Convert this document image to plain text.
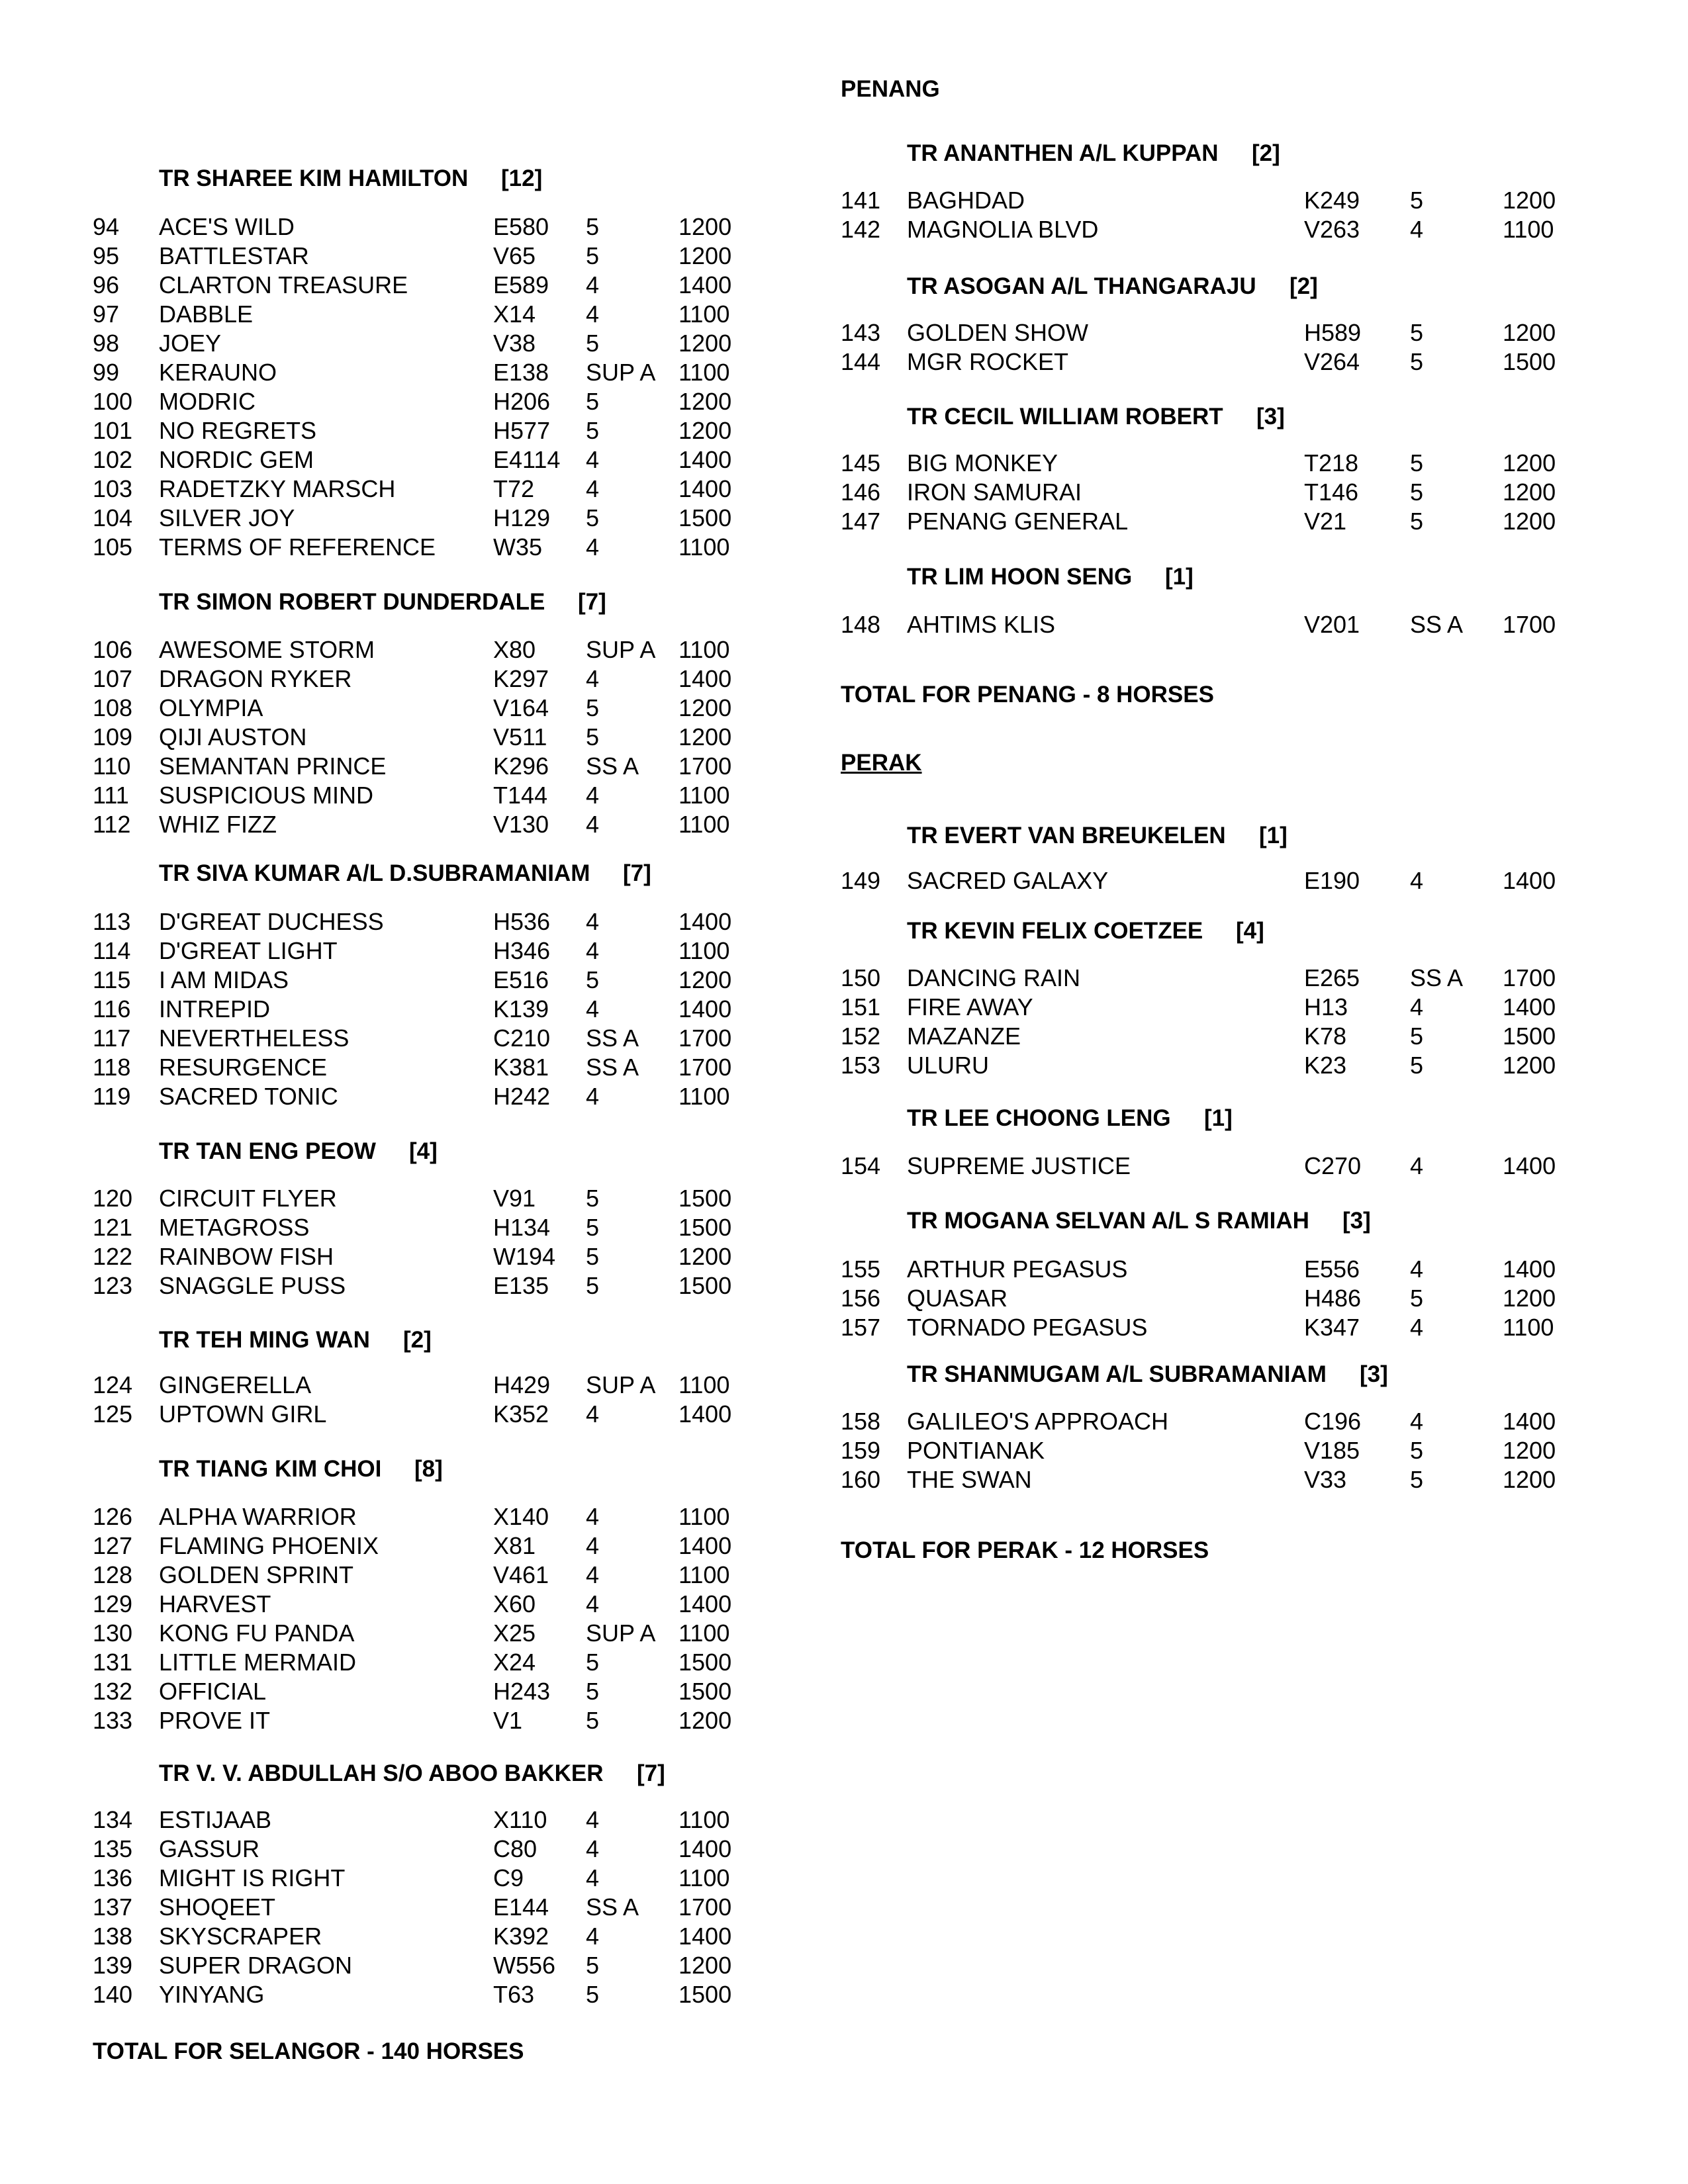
TR SHAREE KIM HAMILTON [12]
94 ACE'S WILD	E580 5	1200
95 BATTLESTAR	V65 5	1200
96 CLARTON TREASURE	E589 4	1400
97 DABBLE	X14 4	1100
98 JOEY	V38 5	1200
99 KERAUNO	E138 SUP A 1100
100 MODRIC	H206 5	1200
101 NO REGRETS	H577 5	1200
102 NORDIC GEM	E4114 4	1400
103 RADETZKY MARSCH	T72 4	1400
104 SILVER JOY	H129 5	1500
105 TERMS OF REFERENCE W35 4	1100
TR SIMON ROBERT DUNDERDALE [7]
106 AWESOME STORM	X80 SUP A 1100
107 DRAGON RYKER	K297 4	1400
108 OLYMPIA	V164 5	1200
109 QIJI AUSTON	V511 5	1200
110 SEMANTAN PRINCE	K296 SS A 1700
111 SUSPICIOUS MIND	T144 4	1100
112 WHIZ FIZZ	V130 4	1100
TR SIVA KUMAR A/L D.SUBRAMANIAM [7]
113 D'GREAT DUCHESS	H536 4	1400
114 D'GREAT LIGHT	H346 4	1100
115 I AM MIDAS	E516 5	1200
116 INTREPID	K139 4	1400
117 NEVERTHELESS	C210 SS A 1700
118 RESURGENCE	K381 SS A 1700
119 SACRED TONIC	H242 4	1100
TR TAN ENG PEOW [4]
120 CIRCUIT FLYER	V91 5	1500
121 METAGROSS	H134 5	1500
122 RAINBOW FISH	W194 5	1200
123 SNAGGLE PUSS	E135 5	1500
TR TEH MING WAN [2]
124 GINGERELLA	H429 SUP A 1100
125 UPTOWN GIRL	K352 4	1400
TR TIANG KIM CHOI [8]
126 ALPHA WARRIOR	X140 4	1100
127 FLAMING PHOENIX	X81 4	1400
128 GOLDEN SPRINT	V461 4	1100
129 HARVEST	X60 4	1400
130 KONG FU PANDA	X25 SUP A 1100
131 LITTLE MERMAID	X24 5	1500
132 OFFICIAL	H243 5	1500
133 PROVE IT	V1	5	1200
TR V. V. ABDULLAH S/O ABOO BAKKER [7]
134 ESTIJAAB	X110 4	1100
135 GASSUR	C80 4	1400
136 MIGHT IS RIGHT	C9	4	1100
137 SHOQEET	E144 SS A 1700
138 SKYSCRAPER	K392 4	1400
139 SUPER DRAGON	W556 5	1200
140 YINYANG	T63 5	1500
TOTAL FOR SELANGOR - 140 HORSES
PENANG
TR ANANTHEN A/L KUPPAN [2]
141 BAGHDAD	K249 5	1200
142 MAGNOLIA BLVD	V263 4	1100
TR ASOGAN A/L THANGARAJU [2]
143 GOLDEN SHOW	H589 5	1200
144 MGR ROCKET	V264 5	1500
TR CECIL WILLIAM ROBERT [3]
145 BIG MONKEY	T218 5	1200
146 IRON SAMURAI	T146 5	1200
147 PENANG GENERAL	V21	5	1200
TR LIM HOON SENG [1]
148 AHTIMS KLIS	V201 SS A 1700
TOTAL FOR PENANG - 8 HORSES
PERAK
TR EVERT VAN BREUKELEN [1]
149 SACRED GALAXY	E190 4	1400
TR KEVIN FELIX COETZEE [4]
150 DANCING RAIN	E265 SS A 1700
151 FIRE AWAY	H13	4	1400
152 MAZANZE	K78	5	1500
153 ULURU	K23	5	1200
TR LEE CHOONG LENG [1]
154 SUPREME JUSTICE	C270 4	1400
TR MOGANA SELVAN A/L S RAMIAH [3]
155 ARTHUR PEGASUS	E556 4	1400
156 QUASAR	H486 5	1200
157 TORNADO PEGASUS	K347 4	1100
TR SHANMUGAM A/L SUBRAMANIAM [3]
158 GALILEO'S APPROACH	C196 4	1400
159 PONTIANAK	V185 5	1200
160 THE SWAN	V33	5	1200
TOTAL FOR PERAK - 12 HORSES
